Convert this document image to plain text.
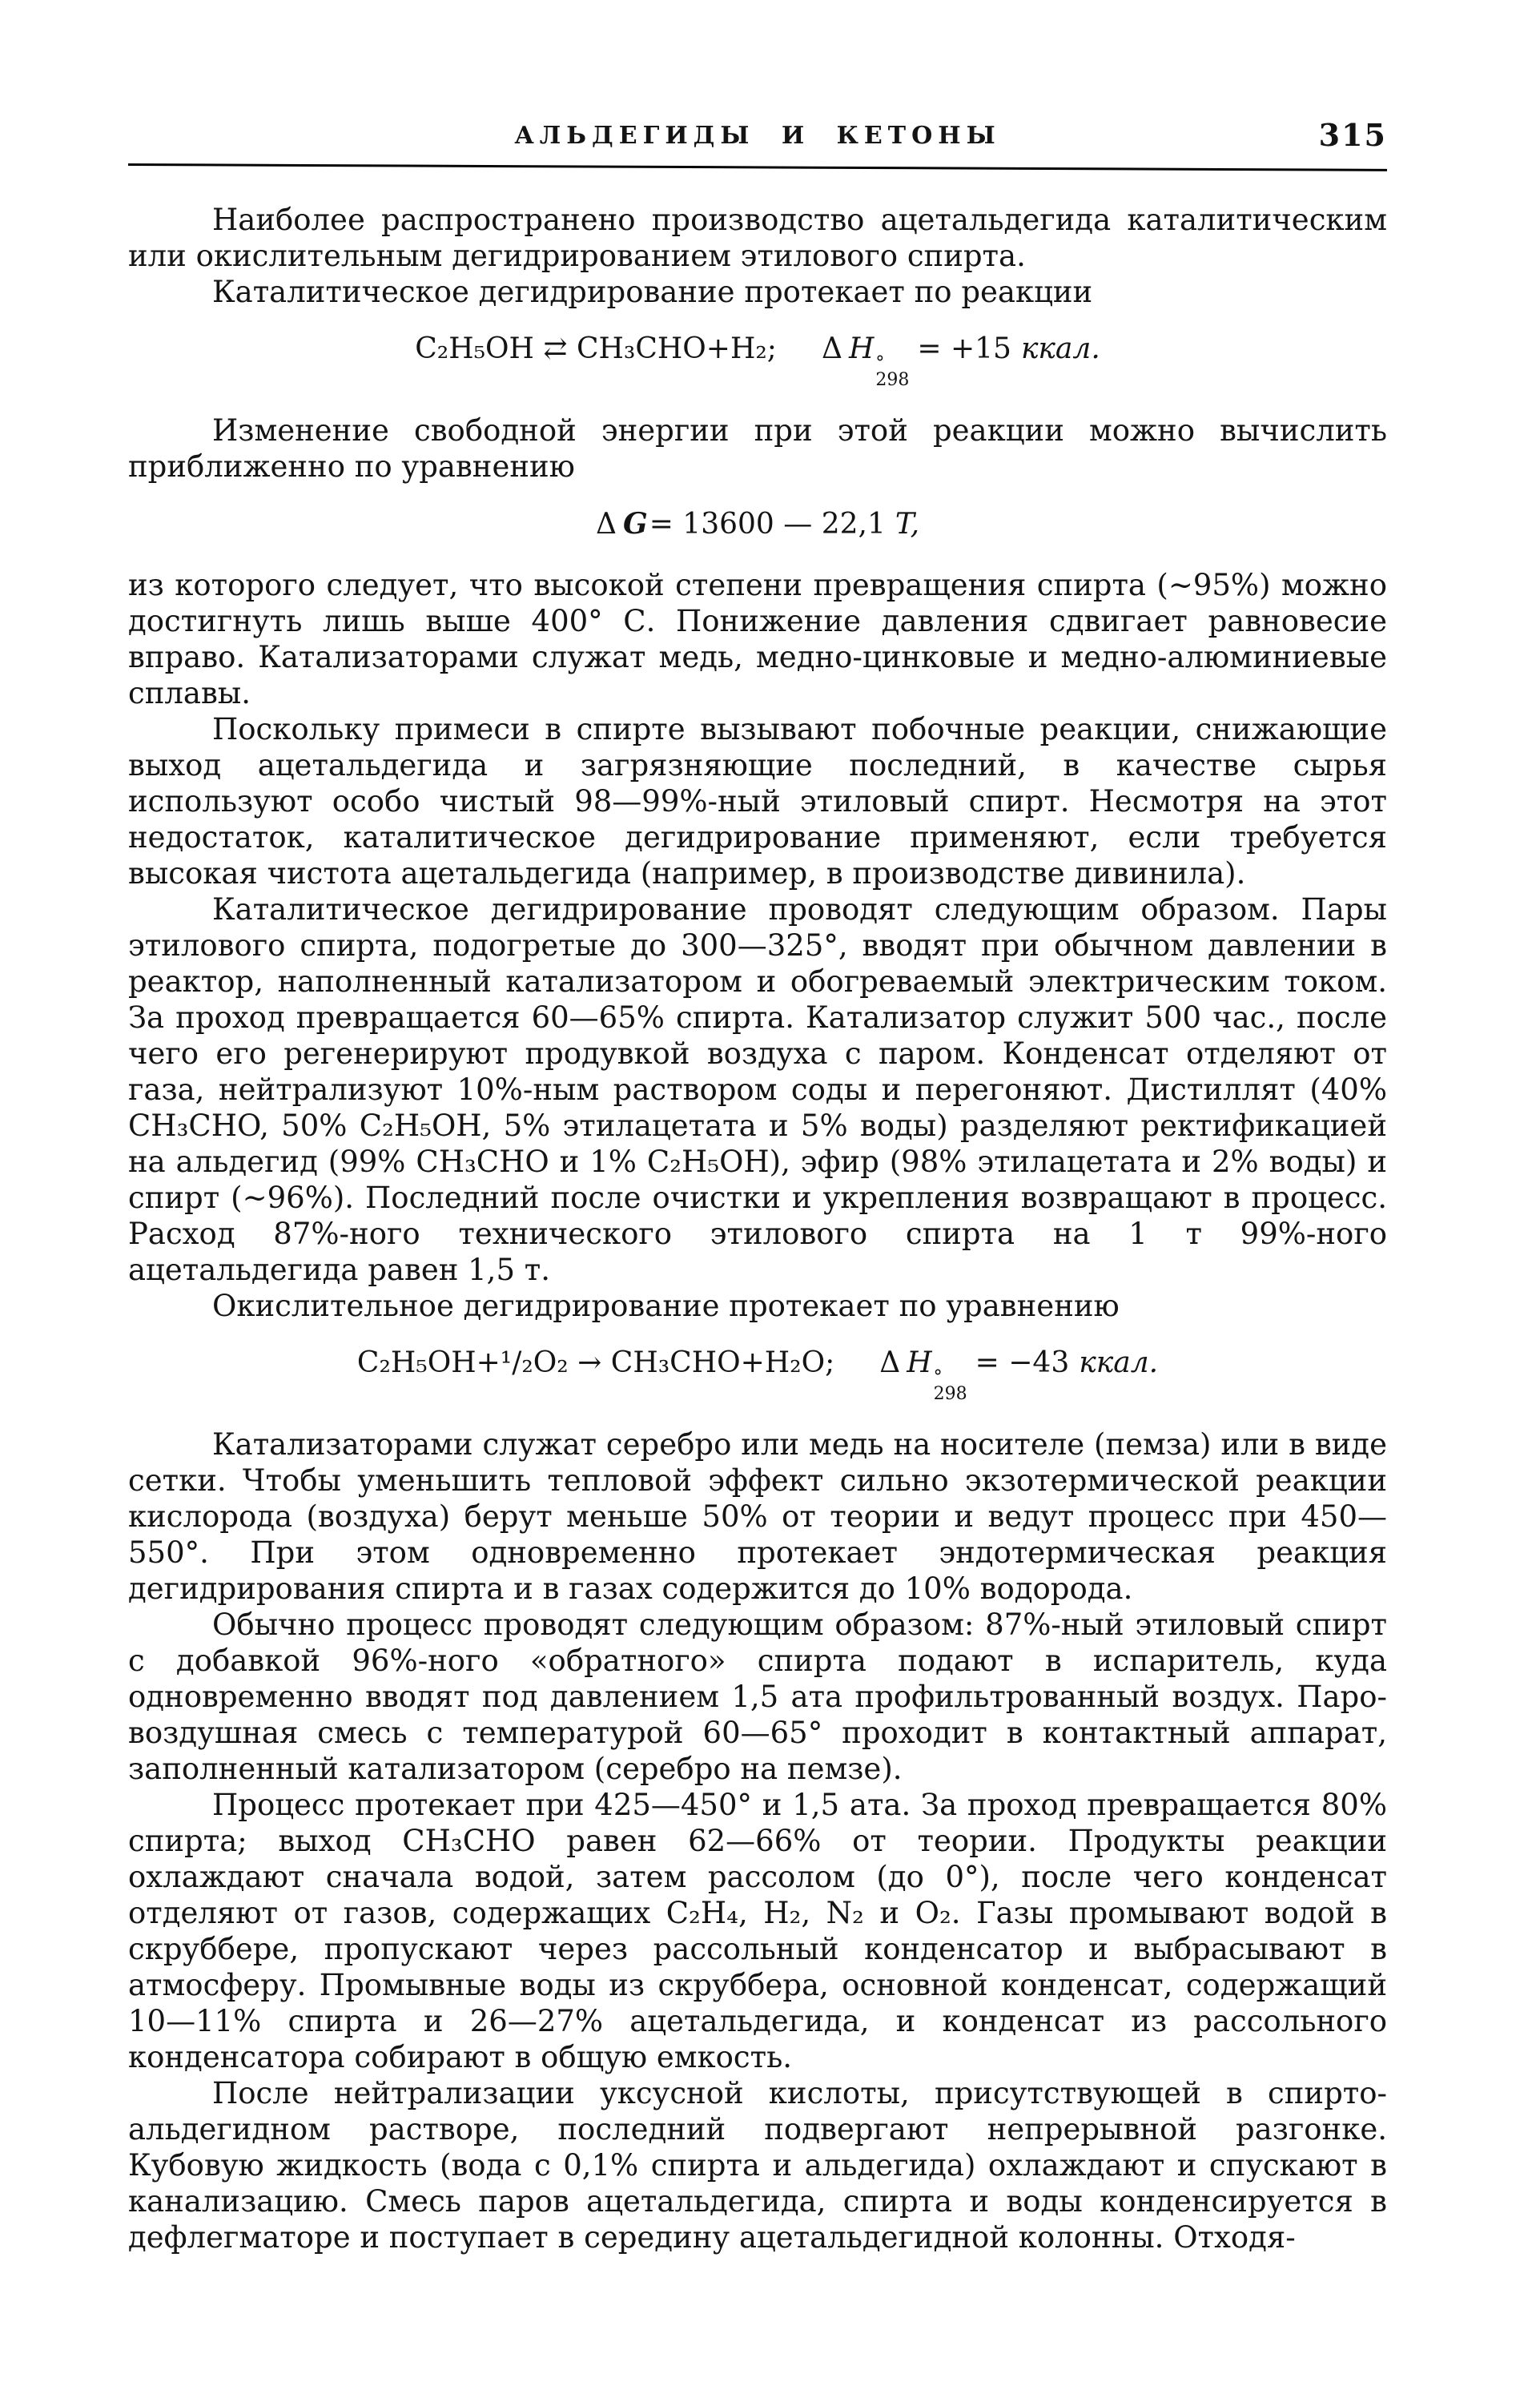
АЛЬДЕГИДЫ И КЕТОНЫ	315

Наиболее распространено производство ацетальдегида каталитическим или окислительным дегидрированием этилового спирта.

Каталитическое дегидрирование протекает по реакции

C₂H₅OH ⇄ CH₃CHO+H₂; Δ H °
298
= +15 ккал.

Изменение свободной энергии при этой реакции можно вычислить приближенно по уравнению

Δ G= 13600 — 22,1 T,

из которого следует, что высокой степени превращения спирта (~95%) можно достигнуть лишь выше 400° С. Понижение давления сдвигает равновесие вправо. Катализаторами служат медь, медно-цинковые и медно-алюминиевые сплавы.

Поскольку примеси в спирте вызывают побочные реакции, снижающие выход ацетальдегида и загрязняющие последний, в качестве сырья используют особо чистый 98—99%-ный этиловый спирт. Несмотря на этот недостаток, каталитическое дегидрирование применяют, если требуется высокая чистота ацетальдегида (например, в производстве дивинила).

Каталитическое дегидрирование проводят следующим образом. Пары этилового спирта, подогретые до 300—325°, вводят при обычном давлении в реактор, наполненный катализатором и обогреваемый электрическим током. За проход превращается 60—65% спирта. Катализатор служит 500 час., после чего его регенерируют продувкой воздуха с паром. Конденсат отделяют от газа, нейтрализуют 10%-ным раствором соды и перегоняют. Дистиллят (40% CH₃CHO, 50% C₂H₅OH, 5% этилацетата и 5% воды) разделяют ректификацией на альдегид (99% CH₃CHO и 1% C₂H₅OH), эфир (98% этилацетата и 2% воды) и спирт (~96%). Последний после очистки и укрепления возвращают в процесс. Расход 87%-ного технического этилового спирта на 1 т 99%-ного ацетальдегида равен 1,5 т.

Окислительное дегидрирование протекает по уравнению

C₂H₅OH+¹/₂O₂ → CH₃CHO+H₂O; Δ H °
298
= −43 ккал.

Катализаторами служат серебро или медь на носителе (пемза) или в виде сетки. Чтобы уменьшить тепловой эффект сильно экзотермической реакции кислорода (воздуха) берут меньше 50% от теории и ведут процесс при 450—550°. При этом одновременно протекает эндотермическая реакция дегидрирования спирта и в газах содержится до 10% водорода.

Обычно процесс проводят следующим образом: 87%-ный этиловый спирт с добавкой 96%-ного «обратного» спирта подают в испаритель, куда одновременно вводят под давлением 1,5 ата профильтрованный воздух. Паро-воздушная смесь с температурой 60—65° проходит в контактный аппарат, заполненный катализатором (серебро на пемзе).

Процесс протекает при 425—450° и 1,5 ата. За проход превращается 80% спирта; выход CH₃CHO равен 62—66% от теории. Продукты реакции охлаждают сначала водой, затем рассолом (до 0°), после чего конденсат отделяют от газов, содержащих C₂H₄, H₂, N₂ и O₂. Газы промывают водой в скруббере, пропускают через рассольный конденсатор и выбрасывают в атмосферу. Промывные воды из скруббера, основной конденсат, содержащий 10—11% спирта и 26—27% ацетальдегида, и конденсат из рассольного конденсатора собирают в общую емкость.

После нейтрализации уксусной кислоты, присутствующей в спирто-альдегидном растворе, последний подвергают непрерывной разгонке. Кубовую жидкость (вода с 0,1% спирта и альдегида) охлаждают и спускают в канализацию. Смесь паров ацетальдегида, спирта и воды конденсируется в дефлегматоре и поступает в середину ацетальдегидной колонны. Отходя-
